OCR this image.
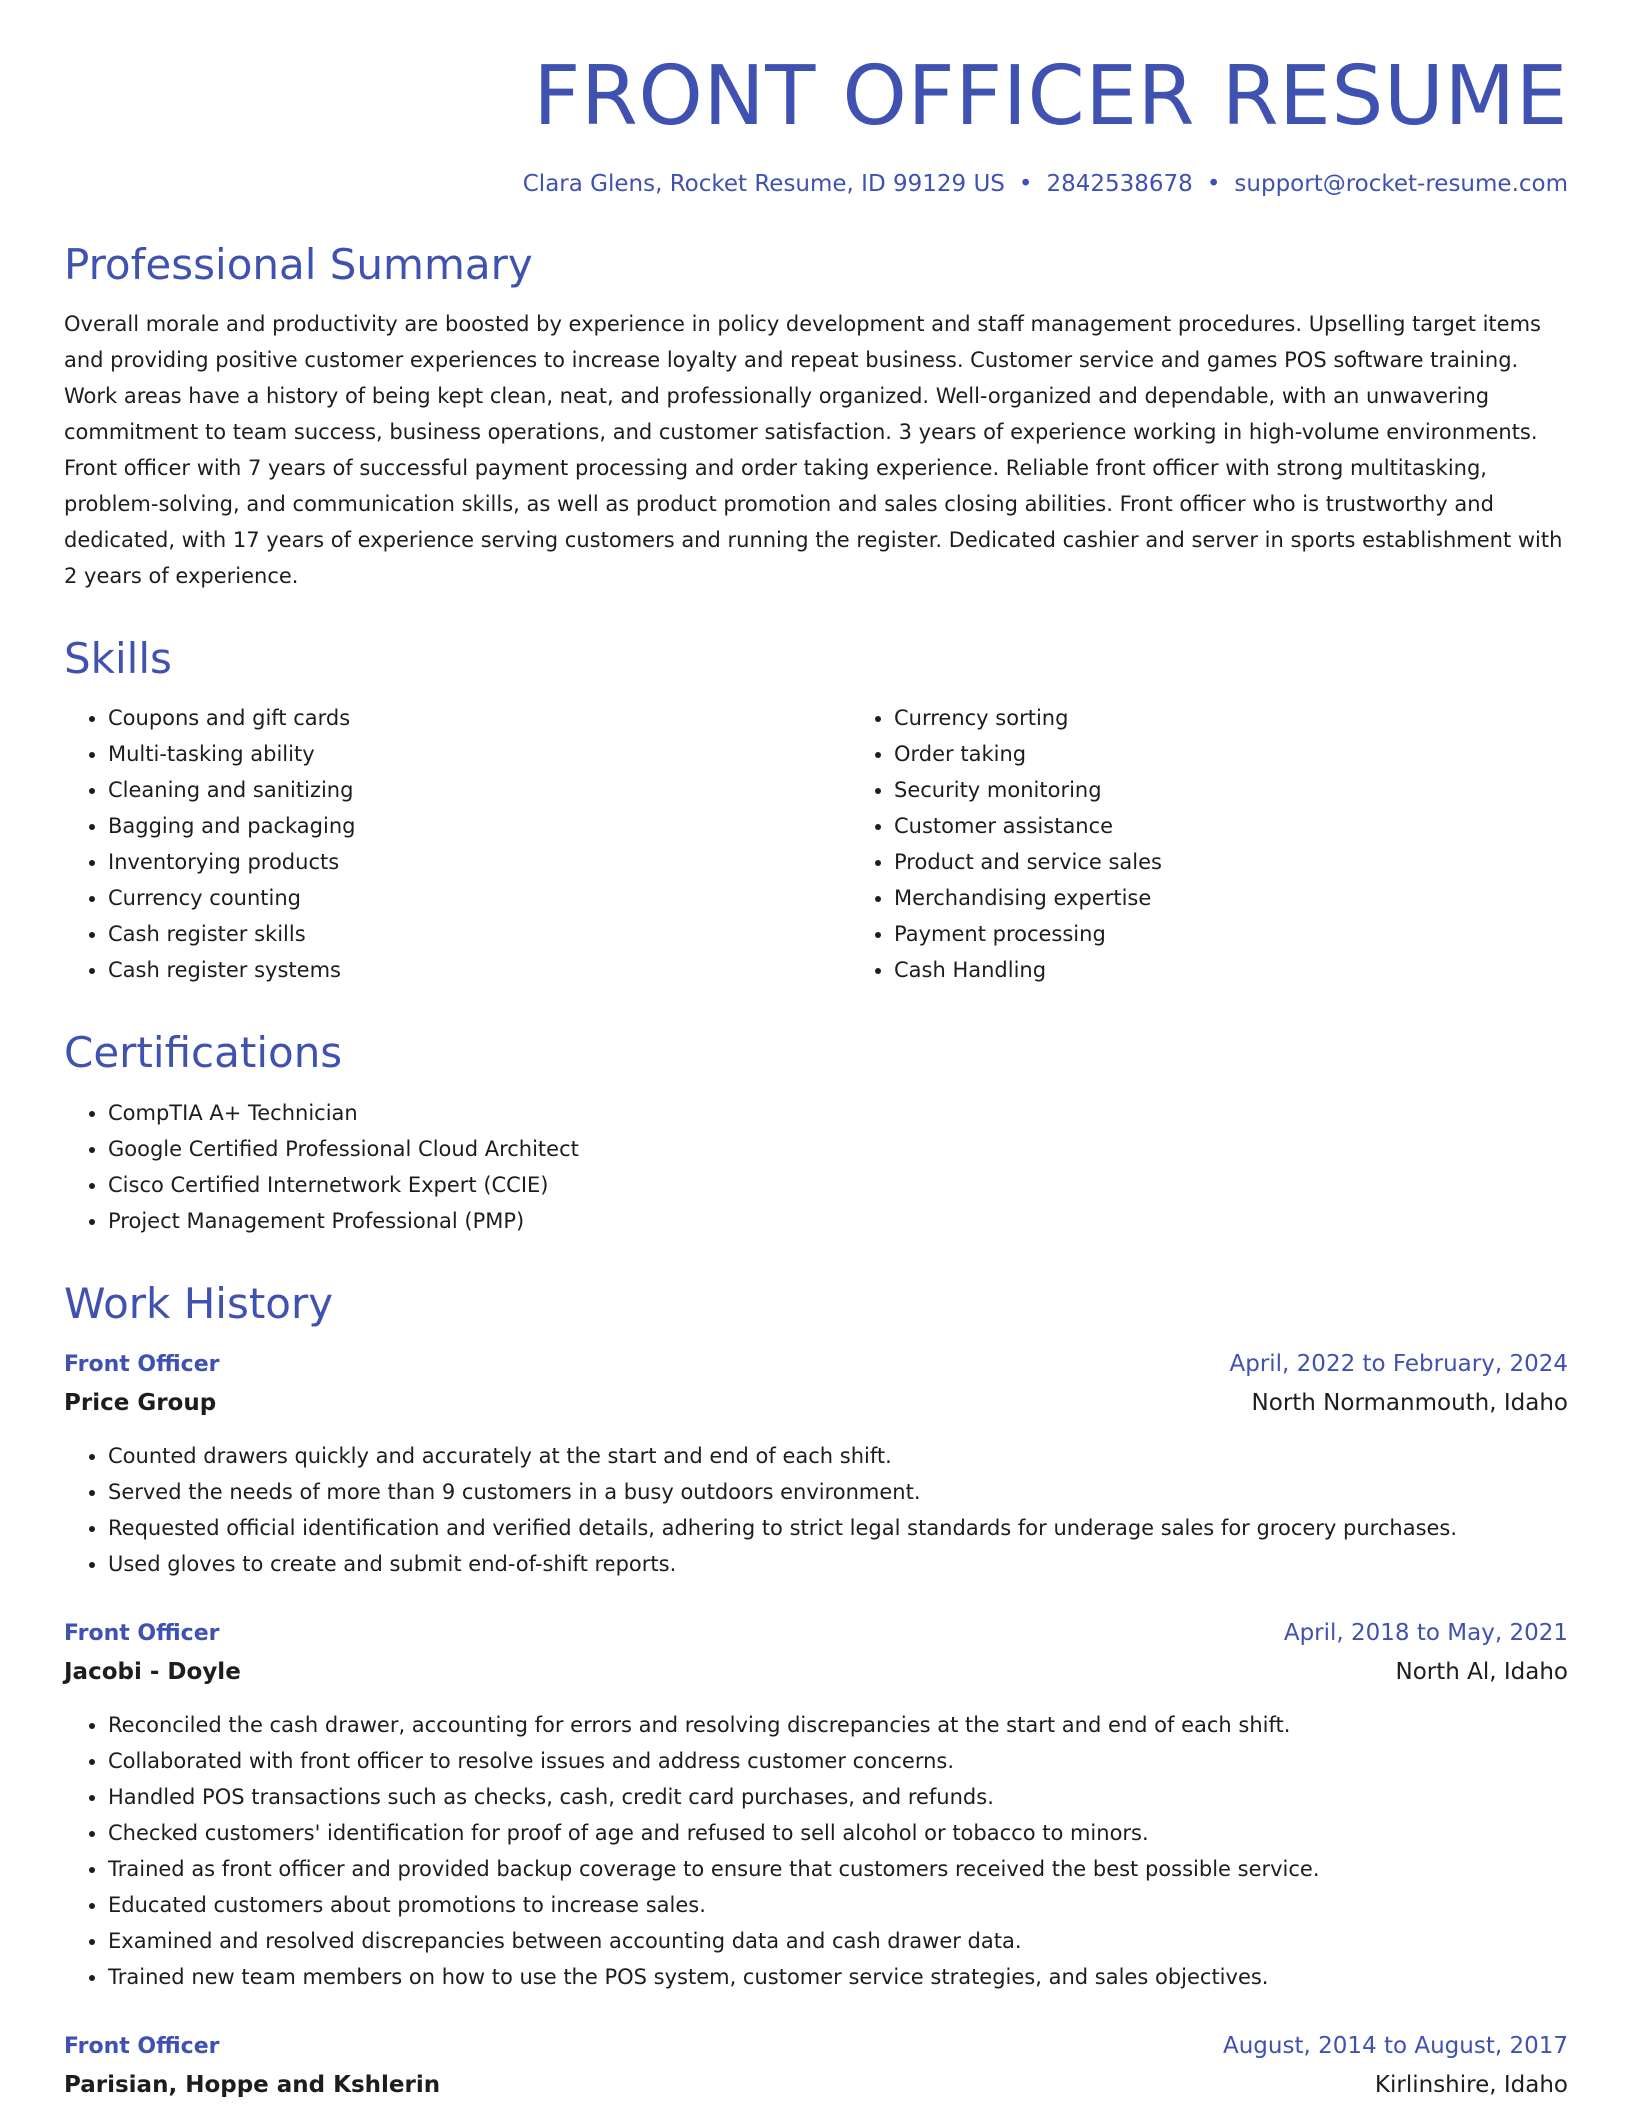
FRONT OFFICER RESUME
Clara Glens, Rocket Resume, ID 99129 US • 2842538678 • support@rocket-resume.com
Professional Summary

Overall morale and productivity are boosted by experience in policy development and staff management procedures. Upselling target items and providing positive customer experiences to increase loyalty and repeat business. Customer service and games POS software training. Work areas have a history of being kept clean, neat, and professionally organized. Well-organized and dependable, with an unwavering commitment to team success, business operations, and customer satisfaction. 3 years of experience working in high-volume environments. Front officer with 7 years of successful payment processing and order taking experience. Reliable front officer with strong multitasking, problem-solving, and communication skills, as well as product promotion and sales closing abilities. Front officer who is trustworthy and dedicated, with 17 years of experience serving customers and running the register. Dedicated cashier and server in sports establishment with 2 years of experience.

Skills
• Coupons and gift cards
• Multi-tasking ability
• Cleaning and sanitizing
• Bagging and packaging
• Inventorying products
• Currency counting
• Cash register skills
• Cash register systems
• Currency sorting
• Order taking
• Security monitoring
• Customer assistance
• Product and service sales
• Merchandising expertise
• Payment processing
• Cash Handling
Certifications
• CompTIA A+ Technician
• Google Certified Professional Cloud Architect
• Cisco Certified Internetwork Expert (CCIE)
• Project Management Professional (PMP)
Work History
Front Officer	April, 2022 to February, 2024
Price Group	North Normanmouth, Idaho
• Counted drawers quickly and accurately at the start and end of each shift.
• Served the needs of more than 9 customers in a busy outdoors environment.
• Requested official identification and verified details, adhering to strict legal standards for underage sales for grocery purchases.
• Used gloves to create and submit end-of-shift reports.
Front Officer	April, 2018 to May, 2021
Jacobi - Doyle	North Al, Idaho
• Reconciled the cash drawer, accounting for errors and resolving discrepancies at the start and end of each shift.
• Collaborated with front officer to resolve issues and address customer concerns.
• Handled POS transactions such as checks, cash, credit card purchases, and refunds.
• Checked customers' identification for proof of age and refused to sell alcohol or tobacco to minors.
• Trained as front officer and provided backup coverage to ensure that customers received the best possible service.
• Educated customers about promotions to increase sales.
• Examined and resolved discrepancies between accounting data and cash drawer data.
• Trained new team members on how to use the POS system, customer service strategies, and sales objectives.
Front Officer	August, 2014 to August, 2017
Parisian, Hoppe and Kshlerin	Kirlinshire, Idaho
